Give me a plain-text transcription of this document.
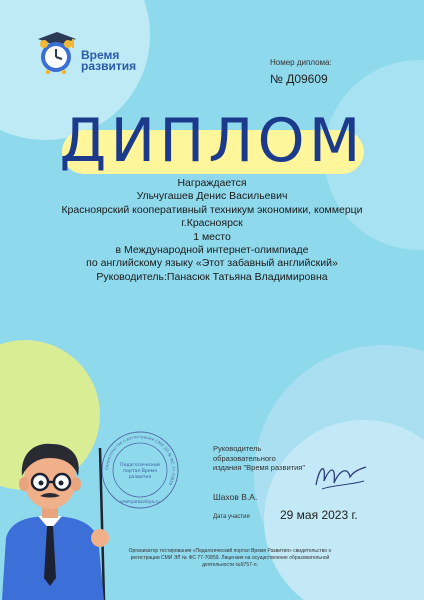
Время
развития	Номер диплома:
№ Д09609
ДИПЛОМ
Награждается
Ульчугашев Денис Васильевич
Красноярский кооперативный техникум экономики, коммерци
г.Красноярск
1 место
в Международной интернет-олимпиаде
по английскому языку «Этот забавный английский»
Руководитель:Панасюк Татьяна Владимировна
Свидетельство о регистрации СМИ ЭЛ № ФС 77-70859
Педагогический
портал Время
развития
vremyarazvitiya.ru
Руководитель
образовательного
издания "Время развития"
Шахов В.А.
Дата участия	29 мая 2023 г.
Организатор тестирования «Педагогический портал Время Развития» свидетельство о
регистрации СМИ ЭЛ № ФС 77-70859. Лицензия на осуществление образовательной
деятельности №9757-л.
